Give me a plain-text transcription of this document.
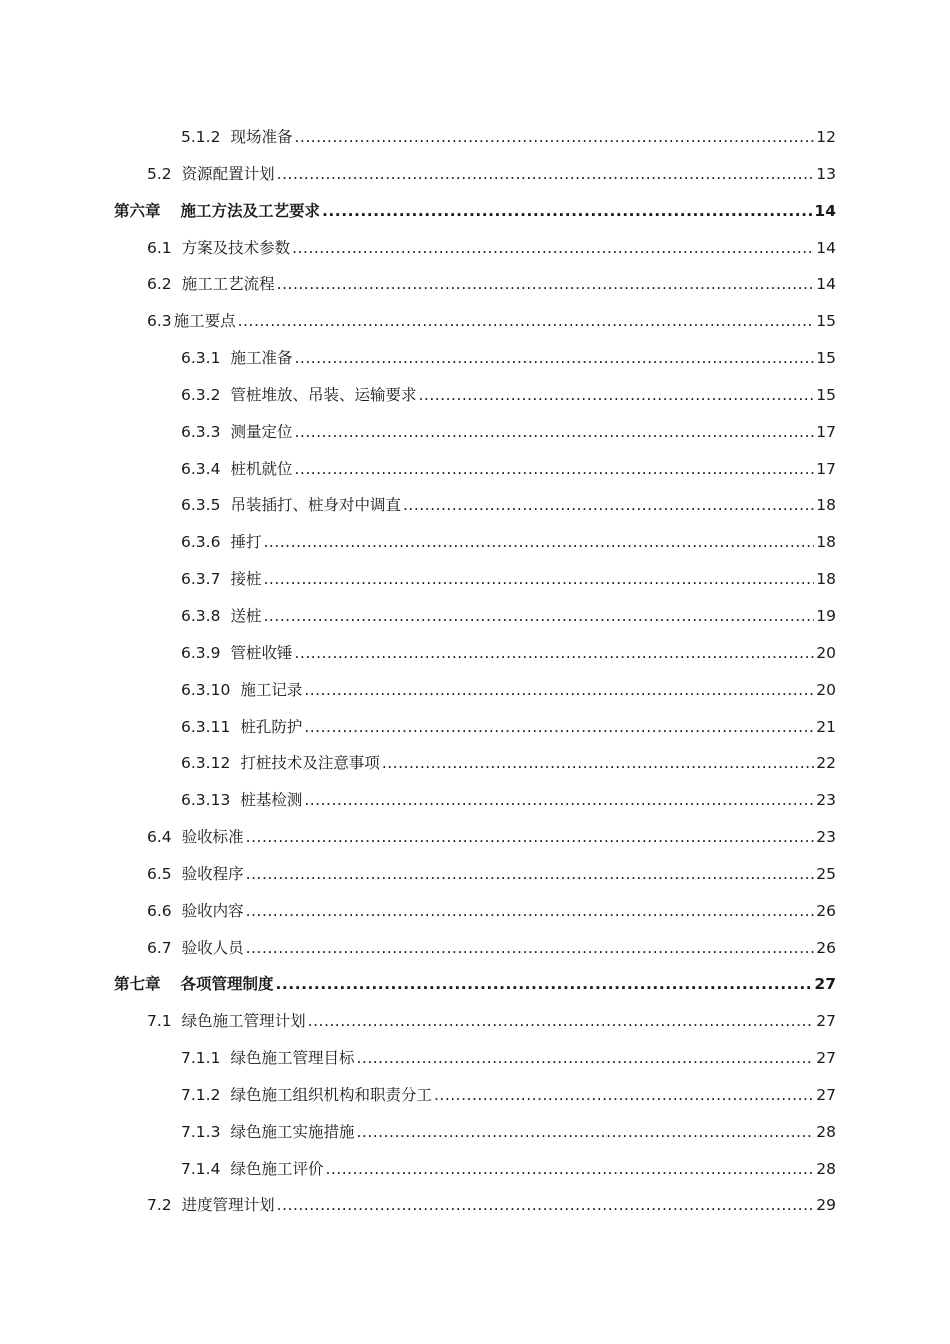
5.1.2 现场准备 .....	12
5.2 资源配置计划 .....	13
第六章 施工方法及工艺要求 .....	14
6.1 方案及技术参数 .....	14
6.2 施工工艺流程 .....	14
6.3 施工要点 .....	15
6.3.1 施工准备 .....	15
6.3.2 管桩堆放、吊装、运输要求 .....	15
6.3.3 测量定位 .....	17
6.3.4 桩机就位 .....	17
6.3.5 吊装插打、桩身对中调直 .....	18
6.3.6 捶打 .....	18
6.3.7 接桩 .....	18
6.3.8 送桩 .....	19
6.3.9 管桩收锤 .....	20
6.3.10 施工记录 .....	20
6.3.11 桩孔防护 .....	21
6.3.12 打桩技术及注意事项 .....	22
6.3.13 桩基检测 .....	23
6.4 验收标准 .....	23
6.5 验收程序 .....	25
6.6 验收内容 .....	26
6.7 验收人员 .....	26
第七章 各项管理制度 .....	27
7.1 绿色施工管理计划 .....	27
7.1.1 绿色施工管理目标 .....	27
7.1.2 绿色施工组织机构和职责分工 .....	27
7.1.3 绿色施工实施措施 .....	28
7.1.4 绿色施工评价 .....	28
7.2 进度管理计划 .....	29
